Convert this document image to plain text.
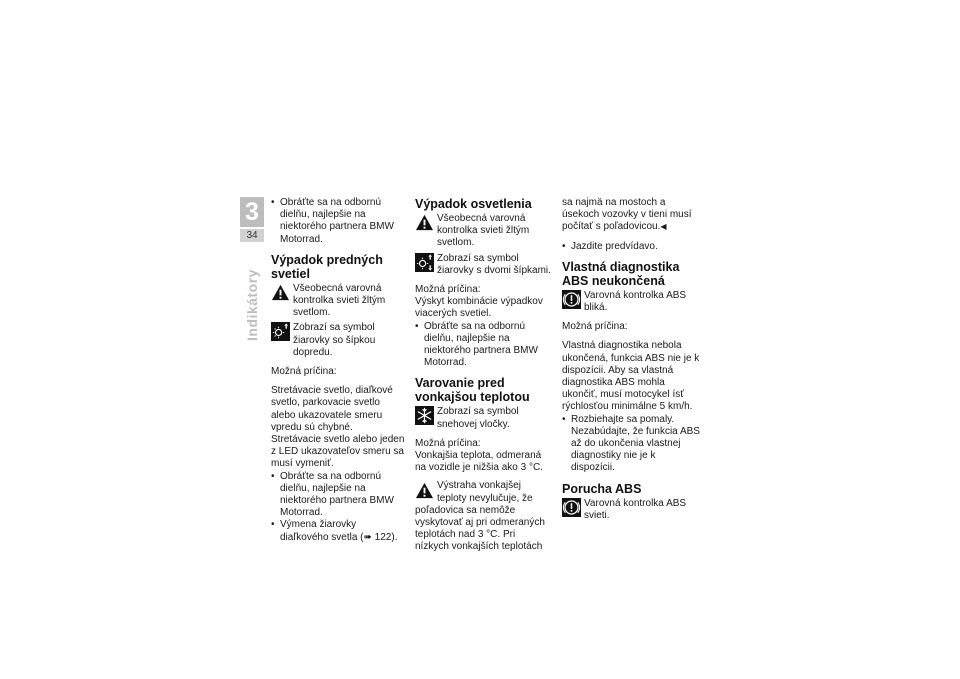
3
34
Indikátory

• Obráťte sa na odbornú dielňu, najlepšie na niektorého partnera BMW Motorrad.

Výpadok predných svetiel
Všeobecná varovná kontrolka svieti žltým svetlom.
Zobrazí sa symbol žiarovky so šípkou dopredu.

Možná príčina:

Stretávacie svetlo, diaľkové svetlo, parkovacie svetlo alebo ukazovatele smeru vpredu sú chybné.

Stretávacie svetlo alebo jeden z LED ukazovateľov smeru sa musí vymeniť.

• Obráťte sa na odbornú dielňu, najlepšie na niektorého partnera BMW Motorrad.

• Výmena žiarovky diaľkového svetla (➠ 122).

Výpadok osvetlenia
Všeobecná varovná kontrolka svieti žltým svetlom.
Zobrazí sa symbol žiarovky s dvomi šípkami.

Možná príčina:

Výskyt kombinácie výpadkov viacerých svetiel.

• Obráťte sa na odbornú dielňu, najlepšie na niektorého partnera BMW Motorrad.

Varovanie pred vonkajšou teplotou
Zobrazí sa symbol snehovej vločky.

Možná príčina:

Vonkajšia teplota, odmeraná na vozidle je nižšia ako 3 °C.

Výstraha vonkajšej teploty nevylučuje, že poľadovica sa nemôže vyskytovať aj pri odmeraných teplotách nad 3 °C. Pri nízkych vonkajších teplotách

sa najmä na mostoch a úsekoch vozovky v tieni musí počítať s poľadovicou.◀

• Jazdite predvídavo.

Vlastná diagnostika ABS neukončená
Varovná kontrolka ABS bliká.

Možná príčina:

Vlastná diagnostika nebola ukončená, funkcia ABS nie je k dispozícii. Aby sa vlastná diagnostika ABS mohla ukončiť, musí motocykel ísť rýchlosťou minimálne 5 km/h.

• Rozbiehajte sa pomaly. Nezabúdajte, že funkcia ABS až do ukončenia vlastnej diagnostiky nie je k dispozícii.

Porucha ABS
Varovná kontrolka ABS svieti.
